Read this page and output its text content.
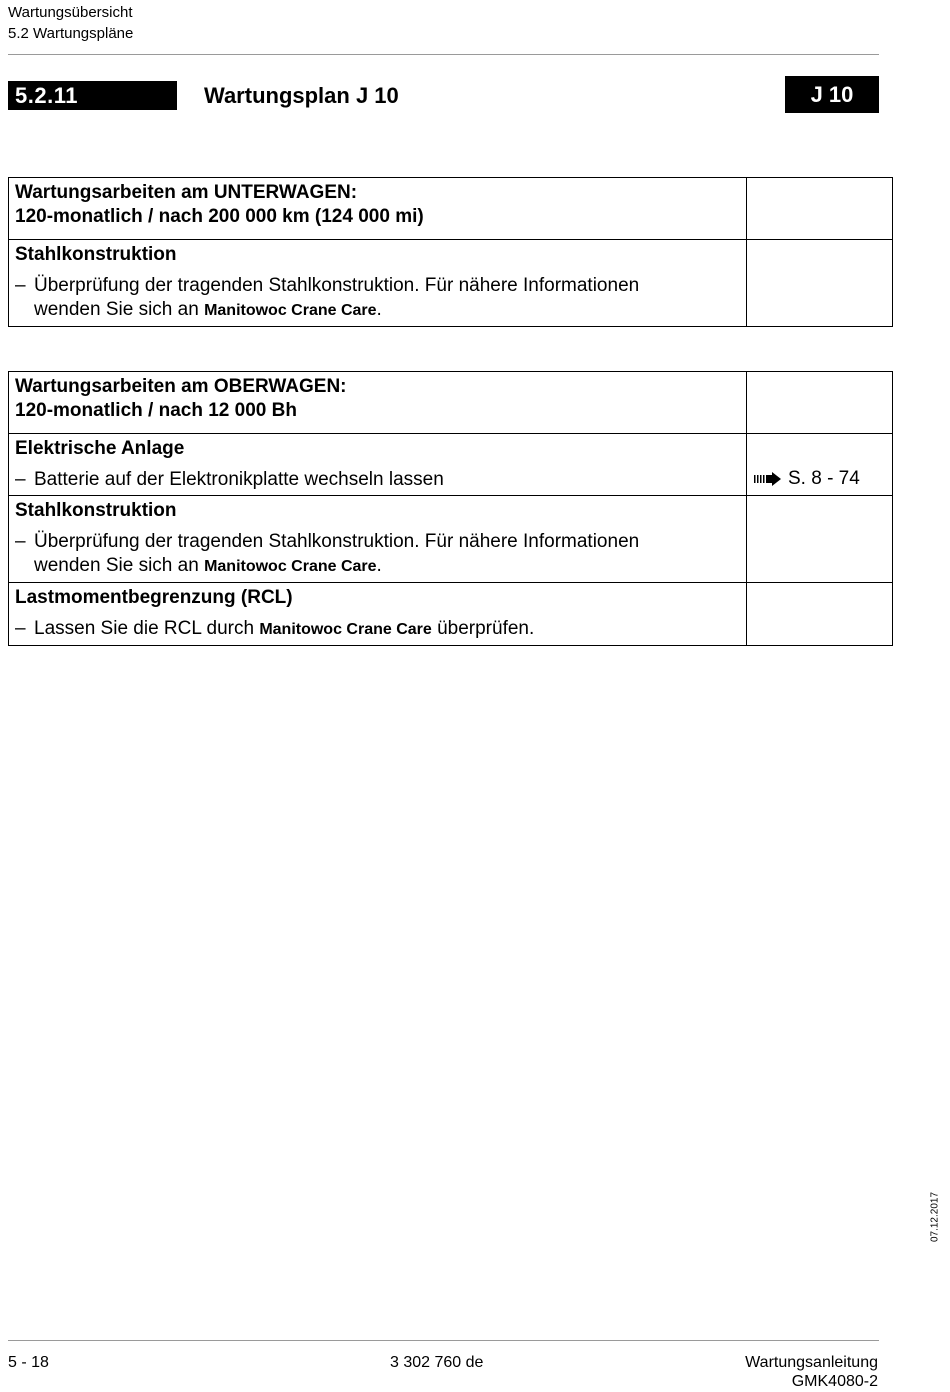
Wartungsübersicht
5.2 Wartungspläne
5.2.11	Wartungsplan J 10	J 10
Wartungsarbeiten am UNTERWAGEN:
120-monatlich / nach 200 000 km (124 000 mi)	

Stahlkonstruktion
– Überprüfung der tragenden Stahlkonstruktion. Für nähere Informationen
wenden Sie sich an Manitowoc Crane Care.	

Wartungsarbeiten am OBERWAGEN:
120-monatlich / nach 12 000 Bh	

Elektrische Anlage
– Batterie auf der Elektronikplatte wechseln lassen	S. 8 - 74

Stahlkonstruktion
– Überprüfung der tragenden Stahlkonstruktion. Für nähere Informationen
wenden Sie sich an Manitowoc Crane Care.	

Lastmomentbegrenzung (RCL)
– Lassen Sie die RCL durch Manitowoc Crane Care überprüfen.	

07.12.2017
5 - 18	3 302 760 de	Wartungsanleitung
GMK4080-2
